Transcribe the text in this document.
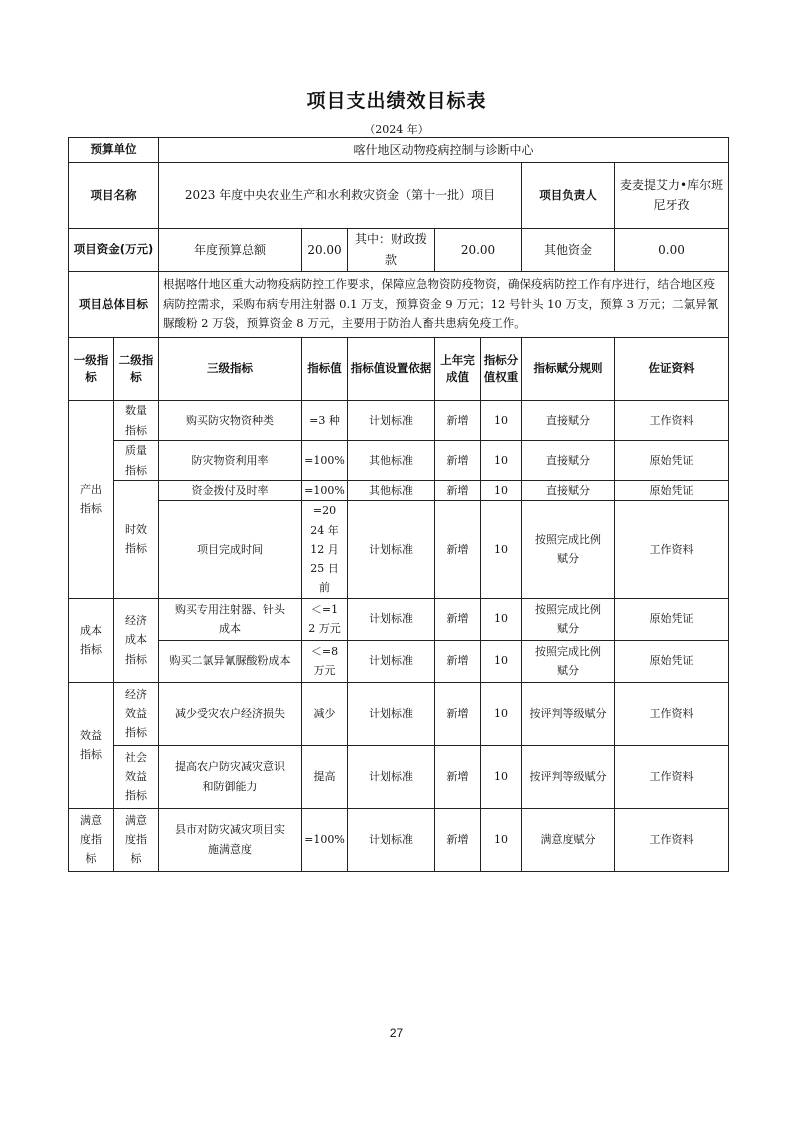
项目支出绩效目标表
（2024 年）
预算单位		喀什地区动物疫病控制与诊断中心						
项目名称		2023 年度中央农业生产和水利救灾资金（第十一批）项目					项目负责人	麦麦提艾力•库尔班尼牙孜
项目资金(万元)		年度预算总额	20.00	其中：财政拨款	20.00		其他资金	0.00
项目总体目标		根据喀什地区重大动物疫病防控工作要求，保障应急物资防疫物资，确保疫病防控工作有序进行，结合地区疫病防控需求，采购布病专用注射器 0.1 万支，预算资金 9 万元；12 号针头 10 万支，预算 3 万元；二氯异氰脲酸粉 2 万袋，预算资金 8 万元，主要用于防治人畜共患病免疫工作。						
一级指标	二级指标	三级指标	指标值	指标值设置依据	上年完成值	指标分值权重	指标赋分规则	佐证资料
产出指标	数量指标	购买防灾物资种类	=3 种	计划标准	新增	10	直接赋分	工作资料
	质量指标	防灾物资利用率	=100%	其他标准	新增	10	直接赋分	原始凭证
	时效指标	资金拨付及时率	=100%	其他标准	新增	10	直接赋分	原始凭证
		项目完成时间	=2024 年 12 月 25 日前	计划标准	新增	10	按照完成比例赋分	工作资料
成本指标	经济成本指标	购买专用注射器、针头成本	＜=12 万元	计划标准	新增	10	按照完成比例赋分	原始凭证
		购买二氯异氰脲酸粉成本	＜=8 万元	计划标准	新增	10	按照完成比例赋分	原始凭证
效益指标	经济效益指标	减少受灾农户经济损失	减少	计划标准	新增	10	按评判等级赋分	工作资料
	社会效益指标	提高农户防灾减灾意识和防御能力	提高	计划标准	新增	10	按评判等级赋分	工作资料
满意度指标	满意度指标	县市对防灾减灾项目实施满意度	=100%	计划标准	新增	10	满意度赋分	工作资料
27
